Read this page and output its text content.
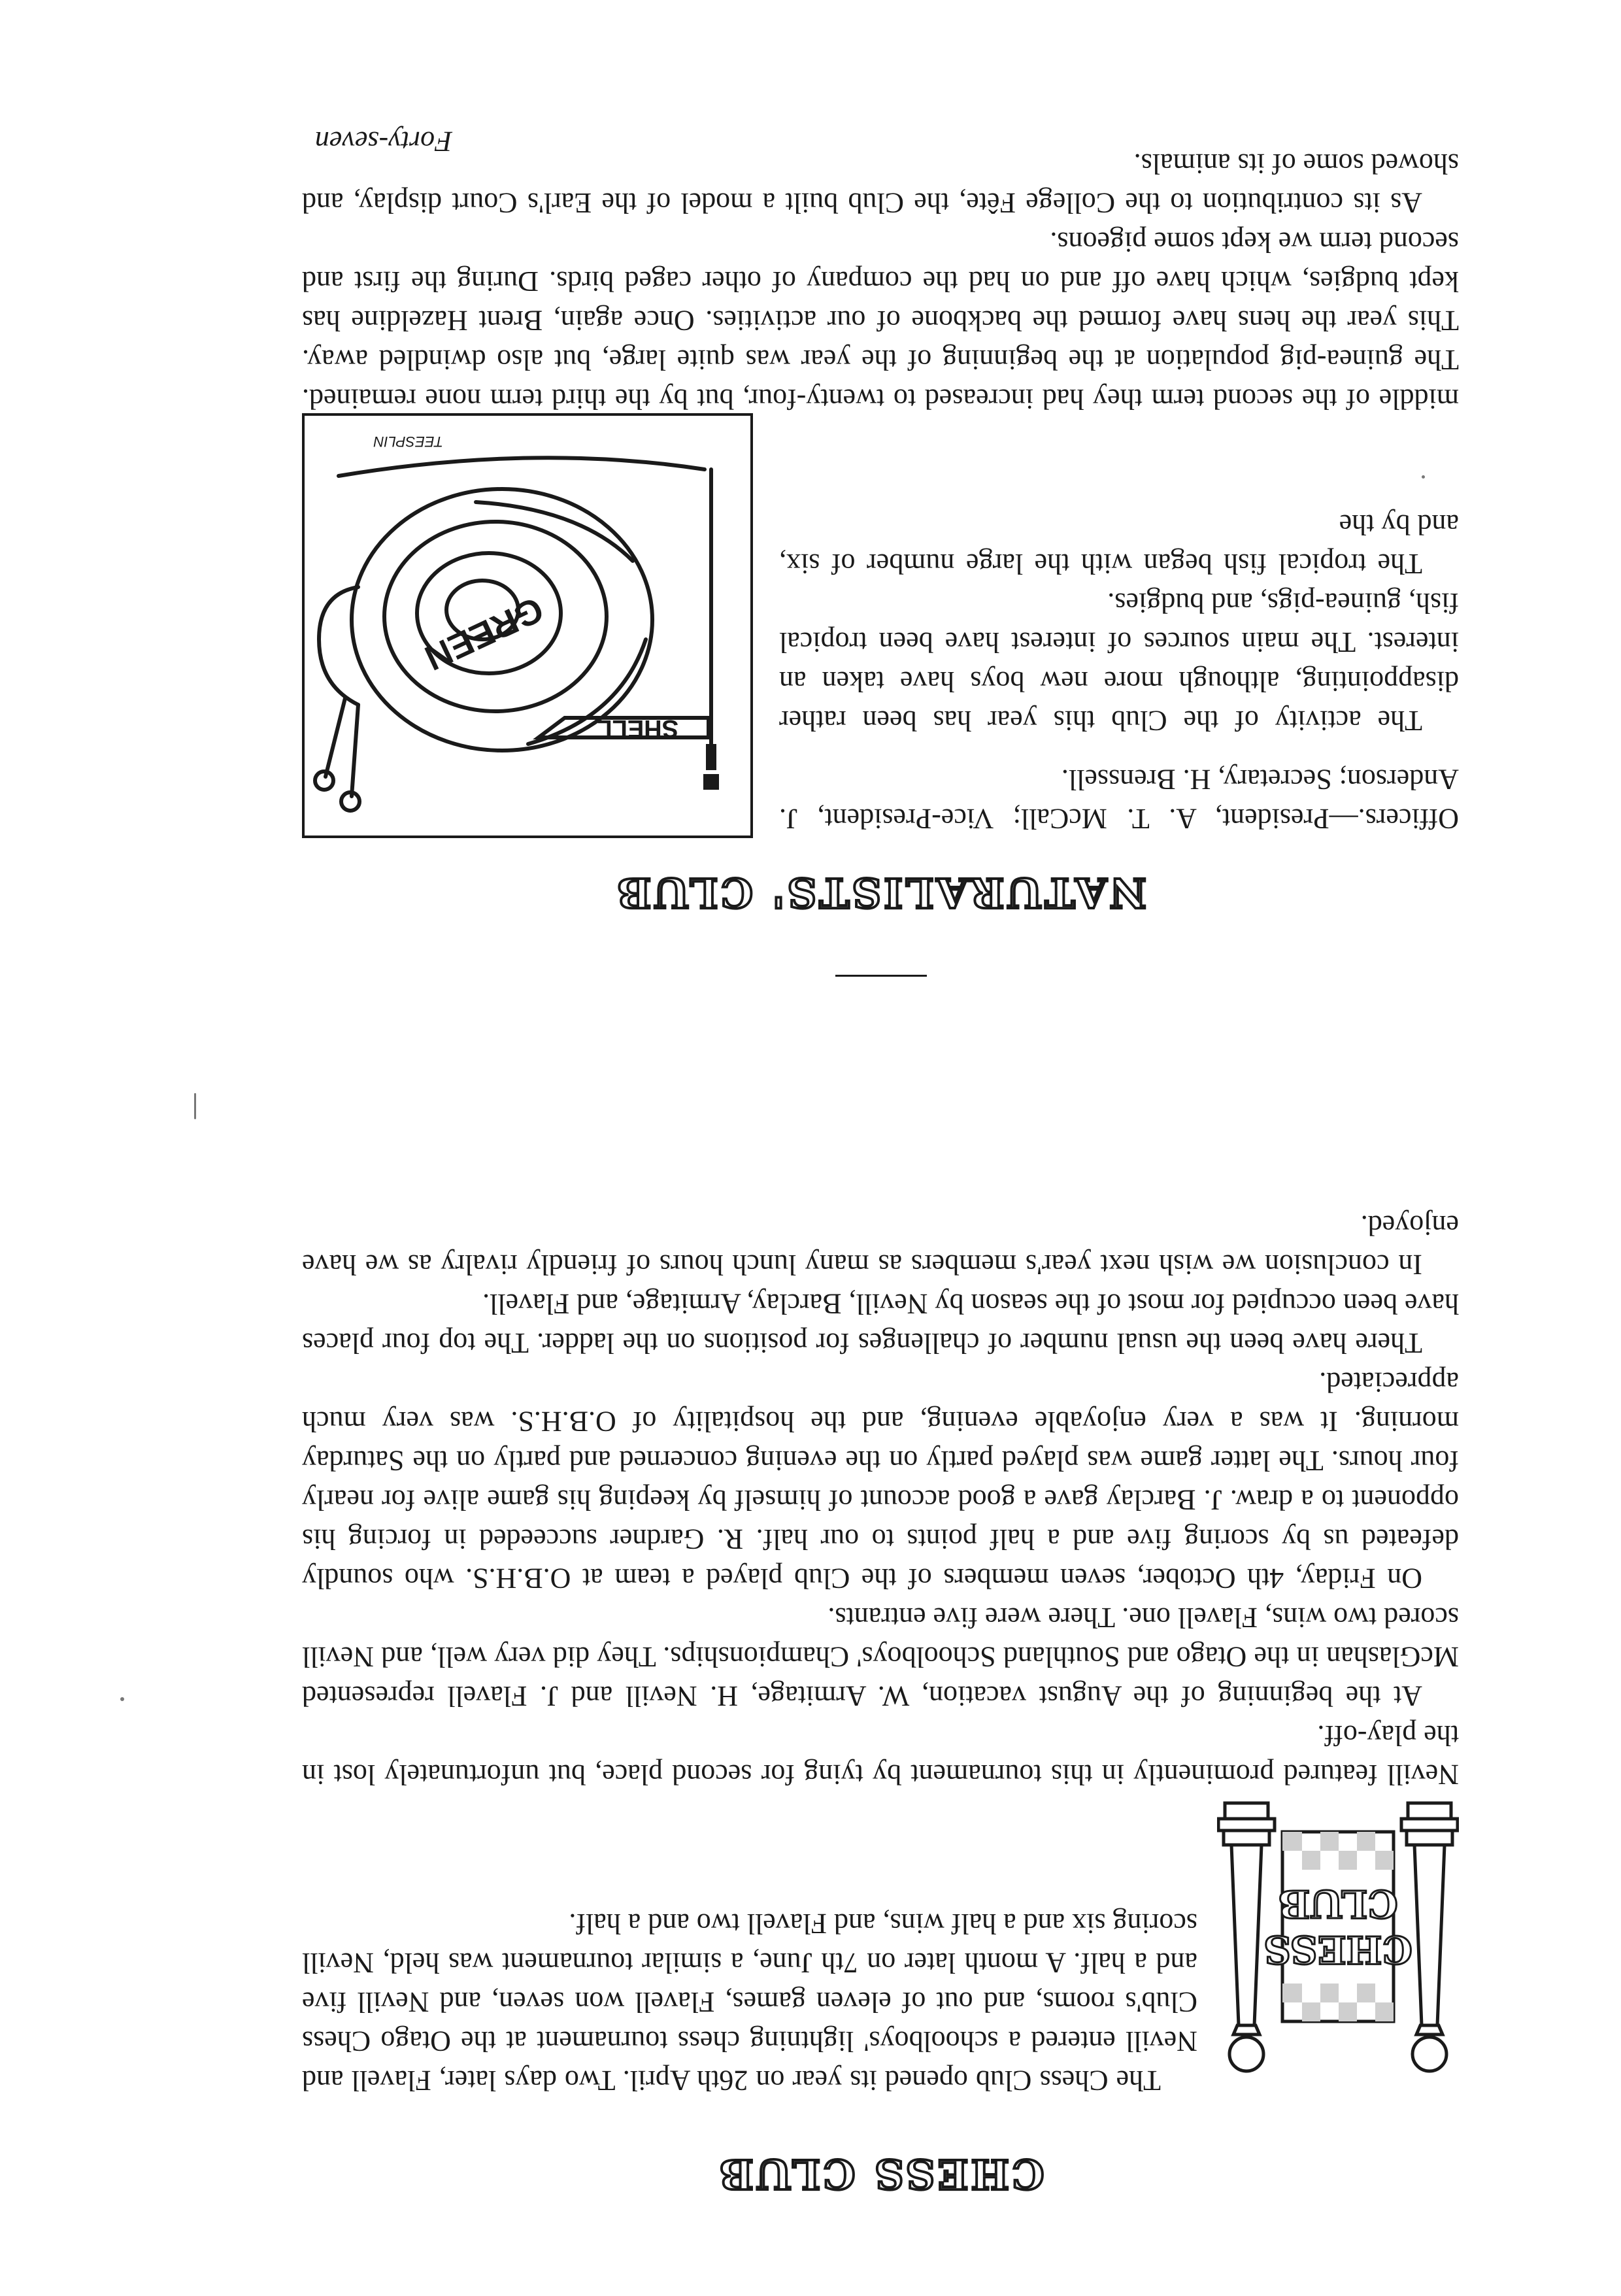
CHESS CLUB
CHESS
CLUB

The Chess Club opened its year on 26th April. Two days later, Flavell and Nevill entered a schoolboys' lightning chess tournament at the Otago Chess Club's rooms, and out of eleven games, Flavell won seven, and Nevill five and a half. A month later on 7th June, a similar tournament was held, Nevill scoring six and a half wins, and Flavell two and a half.

Nevill featured prominently in this tournament by tying for second place, but unfortunately lost in the play-off.

At the beginning of the August vacation, W. Armitage, H. Nevill and J. Flavell represented McGlashan in the Otago and Southland Schoolboys' Championships. They did very well, and Nevill scored two wins, Flavell one. There were five entrants.

On Friday, 4th October, seven members of the Club played a team at O.B.H.S. who soundly defeated us by scoring five and a half points to our half. R. Gardner succeeded in forcing his opponent to a draw. J. Barclay gave a good account of himself by keeping his game alive for nearly four hours. The latter game was played partly on the evening concerned and partly on the Saturday morning. It was a very enjoyable evening, and the hospitality of O.B.H.S. was very much appreciated.

There have been the usual number of challenges for positions on the ladder. The top four places have been occupied for most of the season by Nevill, Barclay, Armitage, and Flavell.

In conclusion we wish next year's members as many lunch hours of friendly rivalry as we have enjoyed.

NATURALISTS' CLUB

Officers.—President, A. T. McCall; Vice-President, J. Anderson; Secretary, H. Brenssell.

The activity of the Club this year has been rather disappointing, although more new boys have taken an interest. The main sources of interest have been tropical fish, guinea-pigs, and budgies.

The tropical fish began with the large number of six, and by the

SHELL
GREEN
TEESPLIN

middle of the second term they had increased to twenty-four, but by the third term none remained. The guinea-pig population at the beginning of the year was quite large, but also dwindled away. This year the hens have formed the backbone of our activities. Once again, Brent Hazeldine has kept budgies, which have off and on had the company of other caged birds. During the first and second term we kept some pigeons.

As its contribution to the College Fête, the Club built a model of the Earl's Court display, and showed some of its animals.

Forty-seven
